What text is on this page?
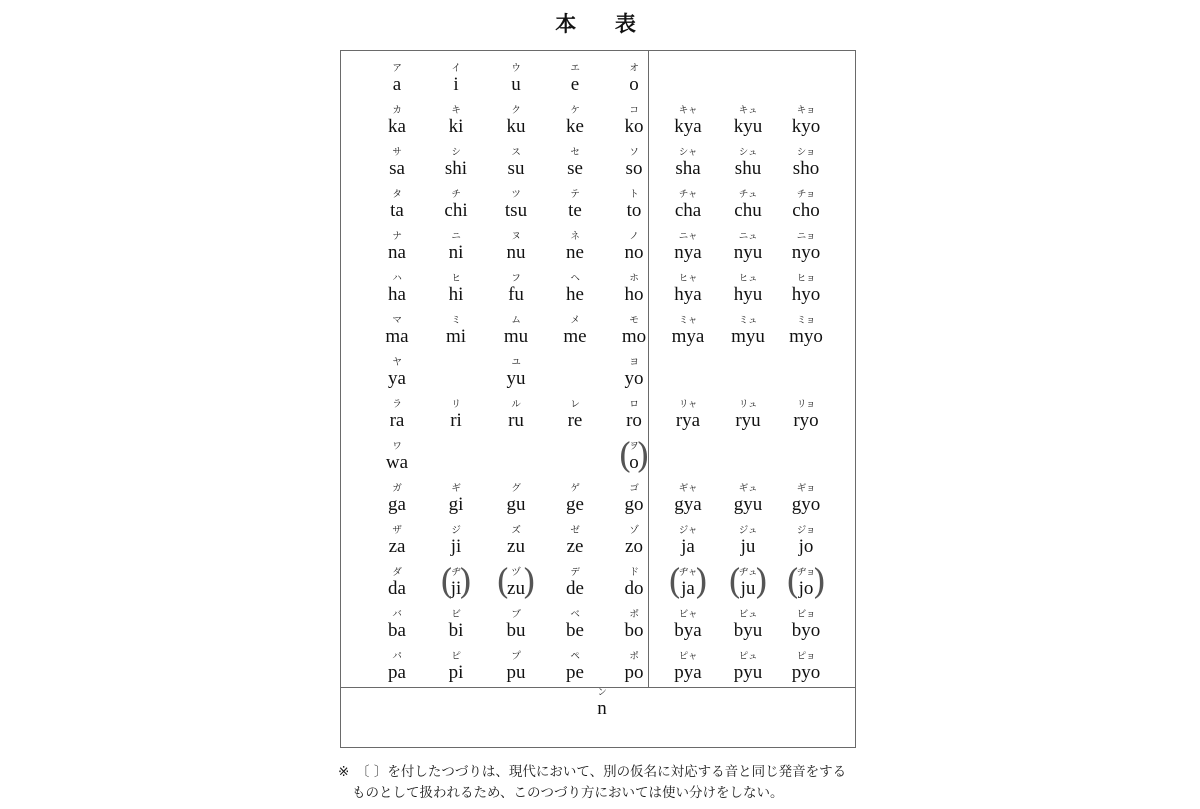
本　表
ア
a
イ
i
ウ
u
エ
e
オ
o
カ
ka
キ
ki
ク
ku
ケ
ke
コ
ko
サ
sa
シ
shi
ス
su
セ
se
ソ
so
タ
ta
チ
chi
ツ
tsu
テ
te
ト
to
ナ
na
ニ
ni
ヌ
nu
ネ
ne
ノ
no
ハ
ha
ヒ
hi
フ
fu
ヘ
he
ホ
ho
マ
ma
ミ
mi
ム
mu
メ
me
モ
mo
ヤ
ya
ユ
yu
ヨ
yo
ラ
ra
リ
ri
ル
ru
レ
re
ロ
ro
ワ
wa
( ヲ
o
)
ガ
ga
ギ
gi
グ
gu
ゲ
ge
ゴ
go
ザ
za
ジ
ji
ズ
zu
ゼ
ze
ゾ
zo
ダ
da
( ヂ
ji
)
( ヅ
zu
)
デ
de
ド
do
バ
ba
ビ
bi
ブ
bu
ベ
be
ボ
bo
パ
pa
ピ
pi
プ
pu
ペ
pe
ポ
po
キャ
kya
キュ
kyu
キョ
kyo
シャ
sha
シュ
shu
ショ
sho
チャ
cha
チュ
chu
チョ
cho
ニャ
nya
ニュ
nyu
ニョ
nyo
ヒャ
hya
ヒュ
hyu
ヒョ
hyo
ミャ
mya
ミュ
myu
ミョ
myo
リャ
rya
リュ
ryu
リョ
ryo
ギャ
gya
ギュ
gyu
ギョ
gyo
ジャ
ja
ジュ
ju
ジョ
jo
( ヂャ
ja
)
( ヂュ
ju
)
( ヂョ
jo
)
ビャ
bya
ビュ
byu
ビョ
byo
ピャ
pya
ピュ
pyu
ピョ
pyo
ン
n
※　〔 〕を付したつづりは、現代において、別の仮名に対応する音と同じ発音をする
ものとして扱われるため、このつづり方においては使い分けをしない。
